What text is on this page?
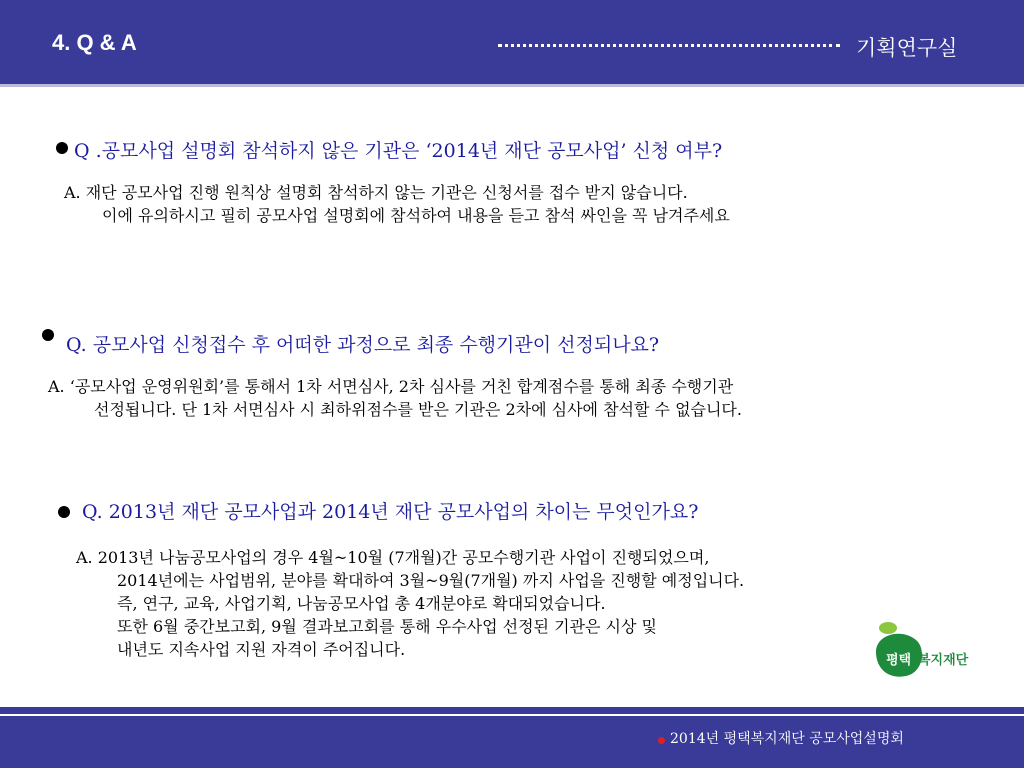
4. Q & A	기획연구실
Q .공모사업 설명회 참석하지 않은 기관은 ‘2014년 재단 공모사업’ 신청 여부?
A. 재단 공모사업 진행 원칙상 설명회 참석하지 않는 기관은 신청서를 접수 받지 않습니다.
이에 유의하시고 필히 공모사업 설명회에 참석하여 내용을 듣고 참석 싸인을 꼭 남겨주세요
Q. 공모사업 신청접수 후 어떠한 과정으로 최종 수행기관이 선정되나요?
A. ‘공모사업 운영위원회’를 통해서 1차 서면심사, 2차 심사를 거친 합계점수를 통해 최종 수행기관
선정됩니다. 단 1차 서면심사 시 최하위점수를 받은 기관은 2차에 심사에 참석할 수 없습니다.
Q. 2013년 재단 공모사업과 2014년 재단 공모사업의 차이는 무엇인가요?
A. 2013년 나눔공모사업의 경우 4월~10월 (7개월)간 공모수행기관 사업이 진행되었으며,
2014년에는 사업범위, 분야를 확대하여 3월~9월(7개월) 까지 사업을 진행할 예정입니다.
즉, 연구, 교육, 사업기획, 나눔공모사업 총 4개분야로 확대되었습니다.
또한 6월 중간보고회, 9월 결과보고회를 통해 우수사업 선정된 기관은 시상 및
내년도 지속사업 지원 자격이 주어집니다.
평택 복지재단
2014년 평택복지재단 공모사업설명회
